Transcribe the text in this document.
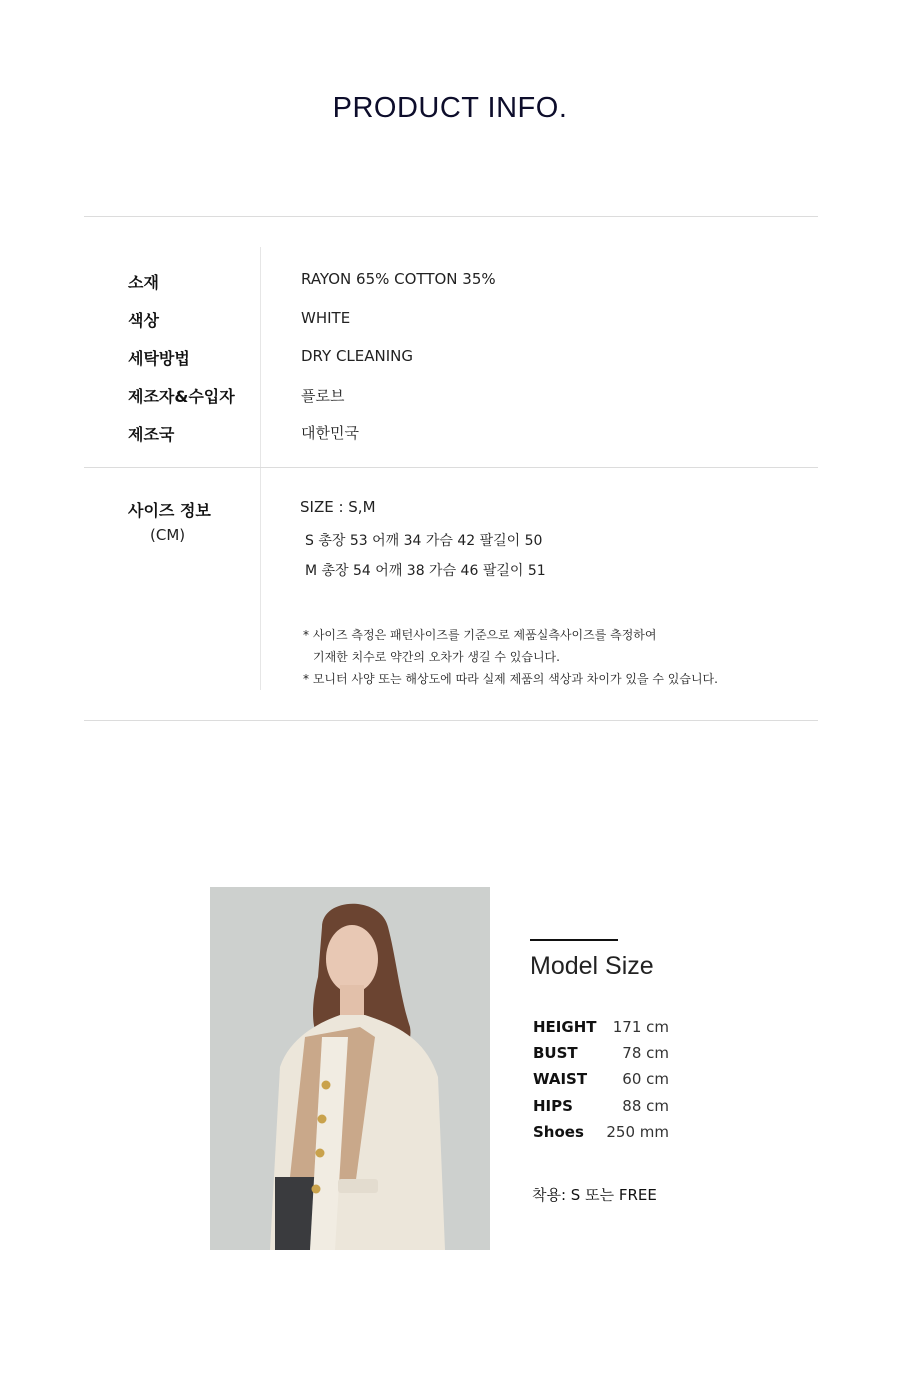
PRODUCT INFO.
소재	RAYON 65% COTTON 35%
색상	WHITE
세탁방법	DRY CLEANING
제조자&수입자	플로브
제조국	대한민국
사이즈 정보
(CM)
SIZE : S,M
S 총장 53 어깨 34 가슴 42 팔길이 50
M 총장 54 어깨 38 가슴 46 팔길이 51
* 사이즈 측정은 패턴사이즈를 기준으로 제품실측사이즈를 측정하여
기재한 치수로 약간의 오차가 생길 수 있습니다.
* 모니터 사양 또는 해상도에 따라 실제 제품의 색상과 차이가 있을 수 있습니다.
Model Size
HEIGHT 171 cm
BUST	78 cm
WAIST 60 cm
HIPS	88 cm
Shoes 250 mm
착용: S 또는 FREE
